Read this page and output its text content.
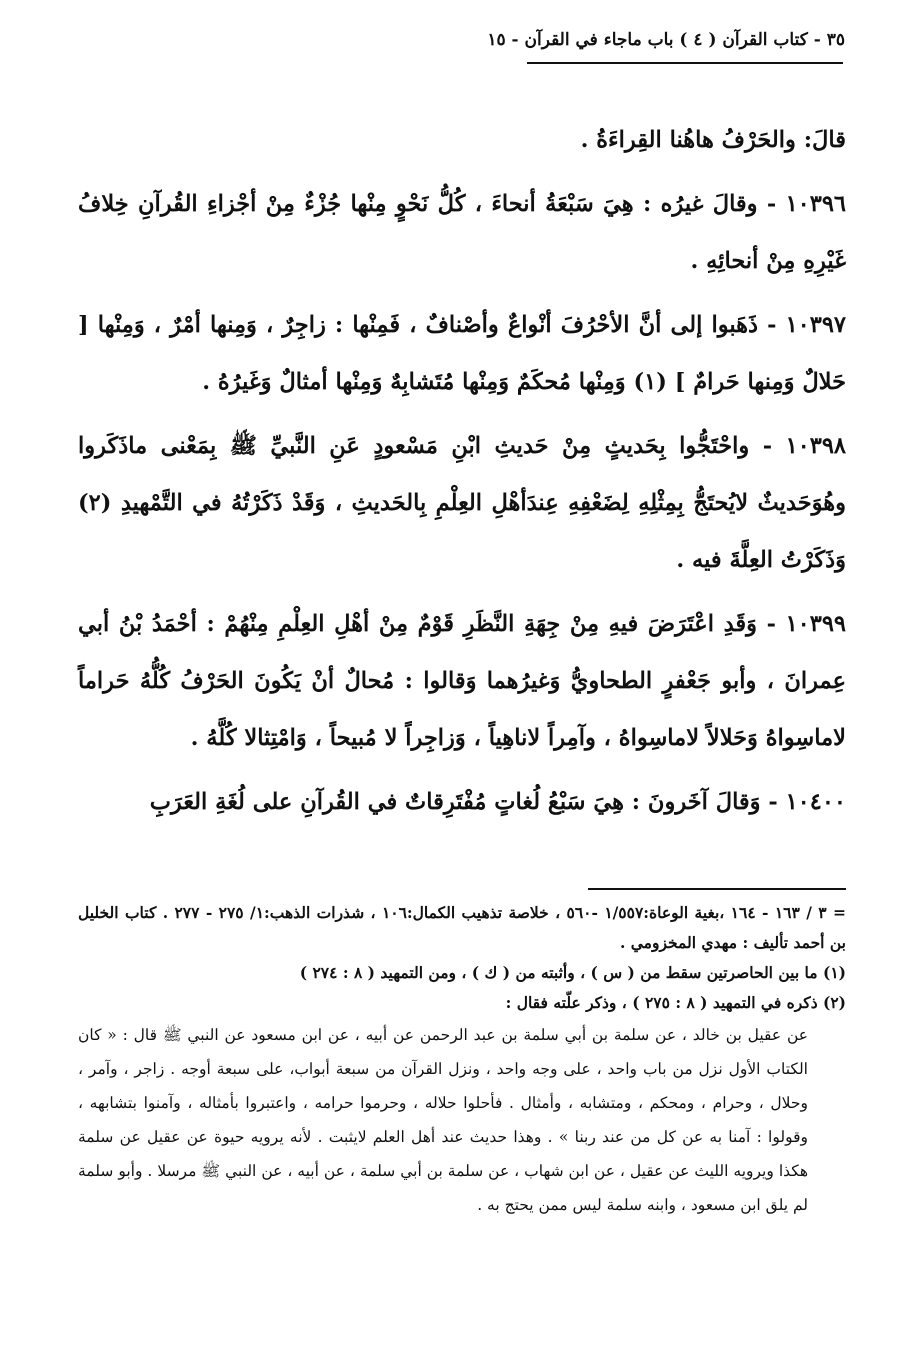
٣٥ - كتاب القرآن ( ٤ ) باب ماجاء في القرآن - ١٥

قالَ: والحَرْفُ هاهُنا القِراءَةُ .

١٠٣٩٦ - وقالَ غيرُه : هِيَ سَبْعَةُ أنحاءَ ، كُلُّ نَحْوٍ مِنْها جُزْءٌ مِنْ أجْزاءِ القُرآنِ خِلافُ غَيْرِهِ مِنْ أنحائِهِ .

١٠٣٩٧ - ذَهَبوا إلى أنَّ الأحْرُفَ أنْواعٌ وأصْنافٌ ، فَمِنْها : زاجِرٌ ، وَمِنها أمْرٌ ، وَمِنْها [ حَلالٌ وَمِنها حَرامٌ ] (١) وَمِنْها مُحكَمٌ وَمِنْها مُتَشابِهٌ وَمِنْها أمثالٌ وَغَيرُهُ .

١٠٣٩٨ - واحْتَجُّوا بِحَديثٍ مِنْ حَديثِ ابْنِ مَسْعودٍ عَنِ النَّبيِّ ﷺ بِمَعْنى ماذَكَروا وهُوَحَديثٌ لايُحتَجُّ بِمِثْلِهِ لِضَعْفِهِ عِندَأهْلِ العِلْمِ بِالحَديثِ ، وَقَدْ ذَكَرْتُهُ في التَّمْهيدِ (٢) وَذَكَرْتُ العِلَّةَ فيه .

١٠٣٩٩ - وَقَدِ اعْتَرَضَ فيهِ مِنْ جِهَةِ النَّظَرِ قَوْمٌ مِنْ أهْلِ العِلْمِ مِنْهُمْ : أحْمَدُ بْنُ أبي عِمرانَ ، وأبو جَعْفرٍ الطحاويُّ وَغيرُهما وَقالوا : مُحالٌ أنْ يَكُونَ الحَرْفُ كُلُّهُ حَراماً لاماسِواهُ وَحَلالاً لاماسِواهُ ، وآمِراً لاناهِياً ، وَزاجِراً لا مُبيحاً ، وَامْتِثالا كُلَّهُ .

١٠٤٠٠ - وَقالَ آخَرونَ : هِيَ سَبْعُ لُغاتٍ مُفْتَرِقاتٌ في القُرآنِ على لُغَةِ العَرَبِ

= ٣ / ١٦٣ - ١٦٤ ،بغية الوعاة:١/٥٥٧ -٥٦٠ ، خلاصة تذهيب الكمال:١٠٦ ، شذرات الذهب:١/ ٢٧٥ - ٢٧٧ . كتاب الخليل بن أحمد تأليف : مهدي المخزومي .

(١) ما بين الحاصرتين سقط من ( س ) ، وأثبته من ( ك ) ، ومن التمهيد ( ٨ : ٢٧٤ )

(٢) ذكره في التمهيد ( ٨ : ٢٧٥ ) ، وذكر علّته فقال :

عن عقيل بن خالد ، عن سلمة بن أبي سلمة بن عبد الرحمن عن أبيه ، عن ابن مسعود عن النبي ﷺ قال : « كان الكتاب الأول نزل من باب واحد ، على وجه واحد ، ونزل القرآن من سبعة أبواب، على سبعة أوجه . زاجر ، وآمر ، وحلال ، وحرام ، ومحكم ، ومتشابه ، وأمثال . فأحلوا حلاله ، وحرموا حرامه ، واعتبروا بأمثاله ، وآمنوا بتشابهه ، وقولوا : آمنا به عن كل من عند ربنا » . وهذا حديث عند أهل العلم لايثبت . لأنه يرويه حيوة عن عقيل عن سلمة هكذا ويرويه الليث عن عقيل ، عن ابن شهاب ، عن سلمة بن أبي سلمة ، عن أبيه ، عن النبي ﷺ مرسلا . وأبو سلمة لم يلق ابن مسعود ، وابنه سلمة ليس ممن يحتج به .
